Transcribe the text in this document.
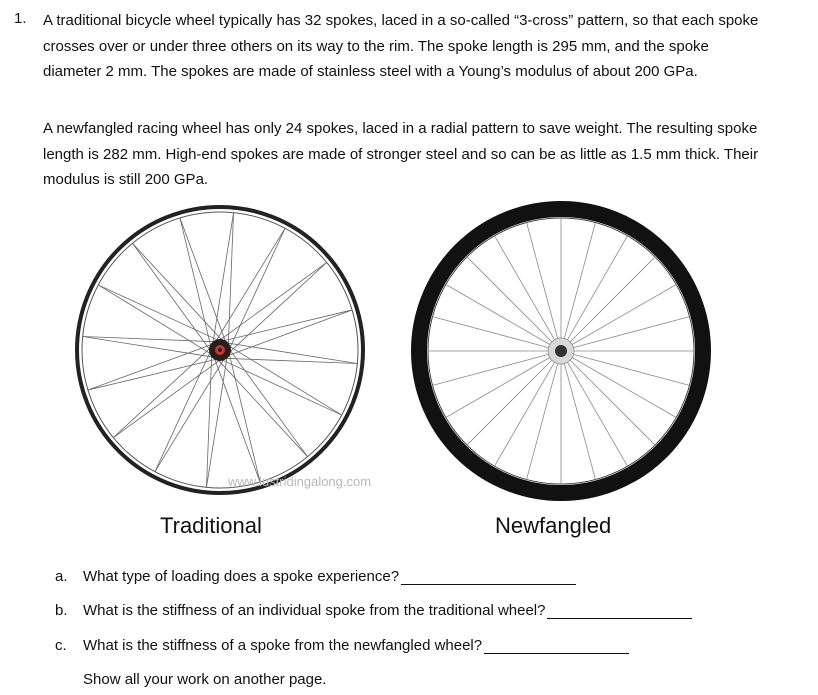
1. A traditional bicycle wheel typically has 32 spokes, laced in a so-called “3-cross” pattern, so that each spoke crosses over or under three others on its way to the rim. The spoke length is 295 mm, and the spoke diameter 2 mm. The spokes are made of stainless steel with a Young’s modulus of about 200 GPa.
A newfangled racing wheel has only 24 spokes, laced in a radial pattern to save weight. The resulting spoke length is 282 mm. High-end spokes are made of stronger steel and so can be as little as 1.5 mm thick. Their modulus is still 200 GPa.
www.lustridingalong.com
Traditional	Newfangled
a.	What type of loading does a spoke experience?
b.	What is the stiffness of an individual spoke from the traditional wheel?
c.	What is the stiffness of a spoke from the newfangled wheel?
Show all your work on another page.
